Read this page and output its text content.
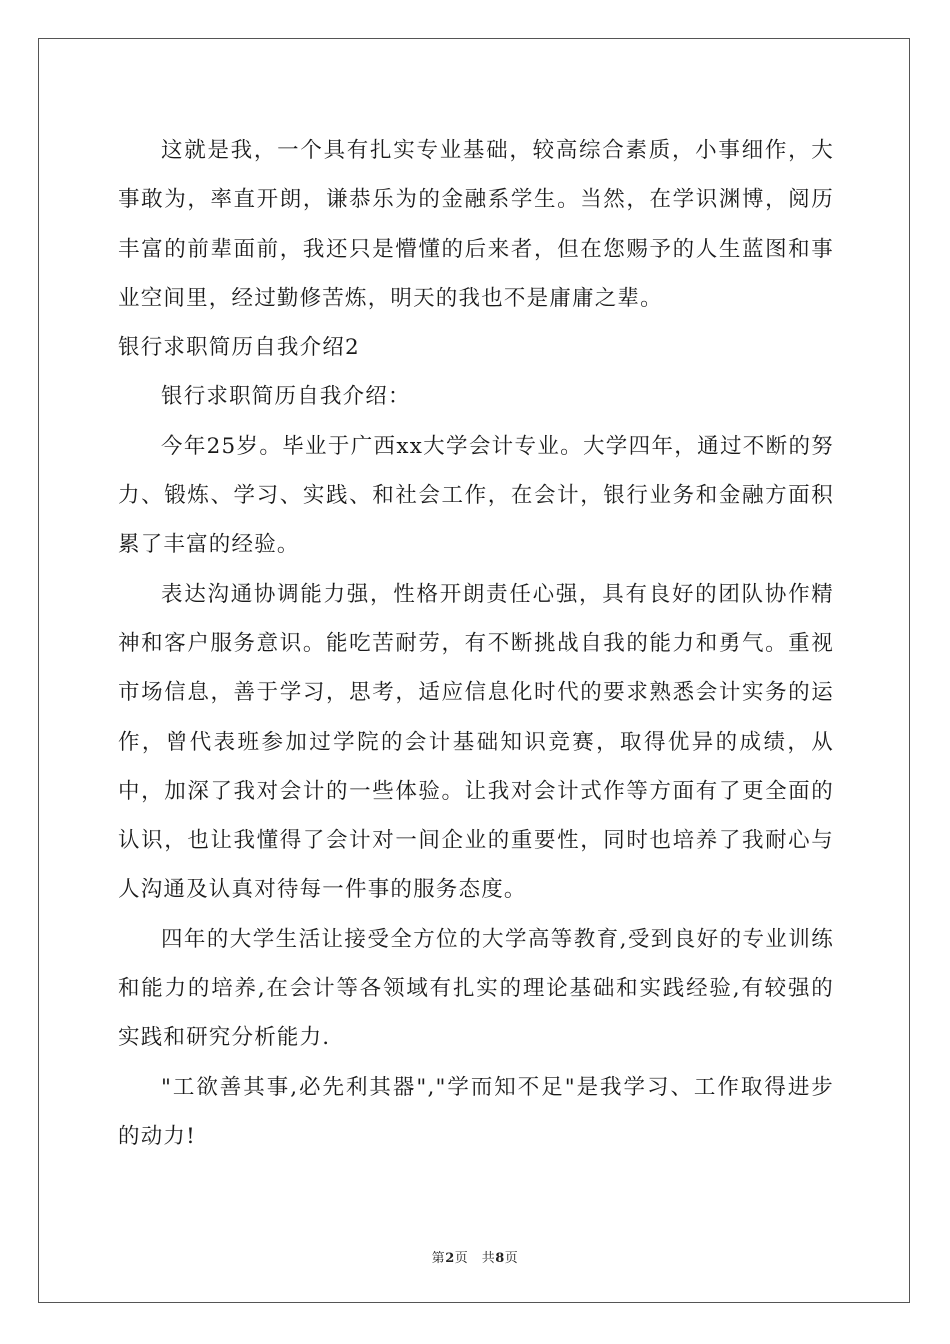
这就是我，一个具有扎实专业基础，较高综合素质，小事细作，大事敢为，率直开朗，谦恭乐为的金融系学生。当然，在学识渊博，阅历丰富的前辈面前，我还只是懵懂的后来者，但在您赐予的人生蓝图和事业空间里，经过勤修苦炼，明天的我也不是庸庸之辈。

银行求职简历自我介绍2

银行求职简历自我介绍：

今年25岁。毕业于广西xx大学会计专业。大学四年，通过不断的努力、锻炼、学习、实践、和社会工作，在会计，银行业务和金融方面积累了丰富的经验。

表达沟通协调能力强，性格开朗责任心强，具有良好的团队协作精神和客户服务意识。能吃苦耐劳，有不断挑战自我的能力和勇气。重视市场信息，善于学习，思考，适应信息化时代的要求熟悉会计实务的运作，曾代表班参加过学院的会计基础知识竞赛，取得优异的成绩，从中，加深了我对会计的一些体验。让我对会计式作等方面有了更全面的认识，也让我懂得了会计对一间企业的重要性，同时也培养了我耐心与人沟通及认真对待每一件事的服务态度。

四年的大学生活让接受全方位的大学高等教育,受到良好的专业训练和能力的培养,在会计等各领域有扎实的理论基础和实践经验,有较强的实践和研究分析能力.

"工欲善其事,必先利其器","学而知不足"是我学习、工作取得进步的动力!

第2页　共8页
